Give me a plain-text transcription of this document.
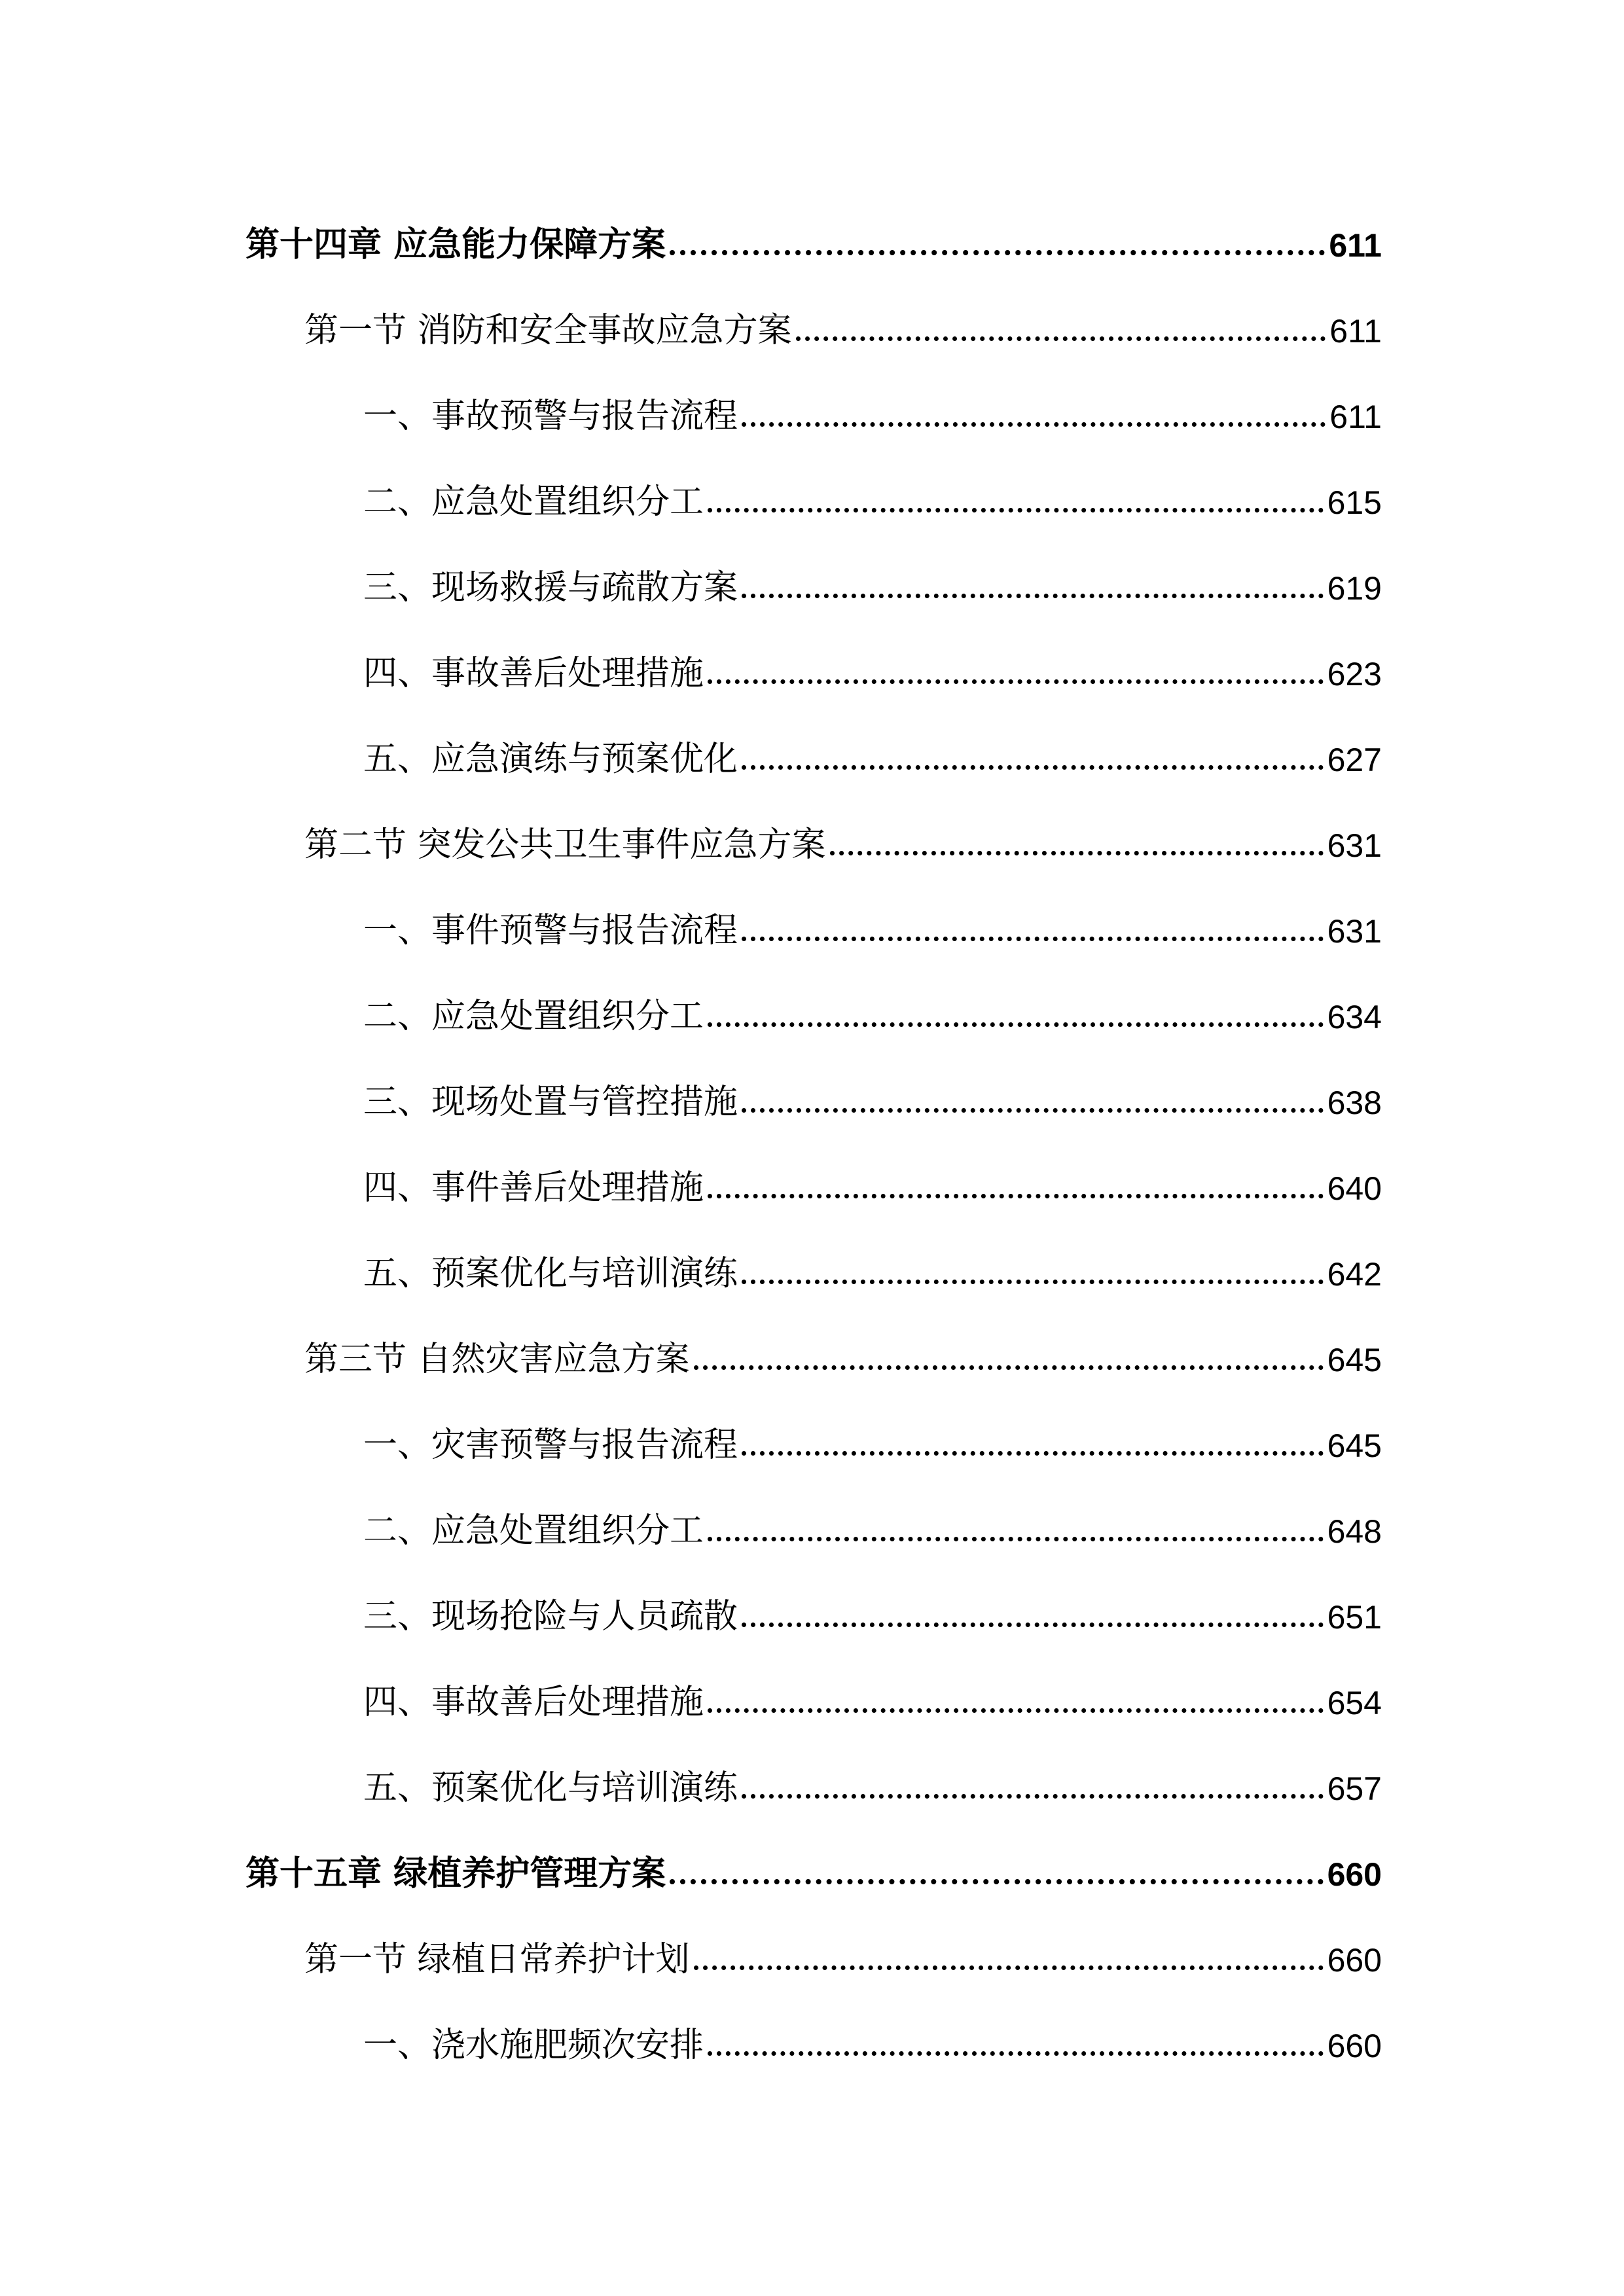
第十四章 应急能力保障方案	611
第一节 消防和安全事故应急方案	611
一、事故预警与报告流程	611
二、应急处置组织分工	615
三、现场救援与疏散方案	619
四、事故善后处理措施	623
五、应急演练与预案优化	627
第二节 突发公共卫生事件应急方案	631
一、事件预警与报告流程	631
二、应急处置组织分工	634
三、现场处置与管控措施	638
四、事件善后处理措施	640
五、预案优化与培训演练	642
第三节 自然灾害应急方案	645
一、灾害预警与报告流程	645
二、应急处置组织分工	648
三、现场抢险与人员疏散	651
四、事故善后处理措施	654
五、预案优化与培训演练	657
第十五章 绿植养护管理方案	660
第一节 绿植日常养护计划	660
一、浇水施肥频次安排	660
